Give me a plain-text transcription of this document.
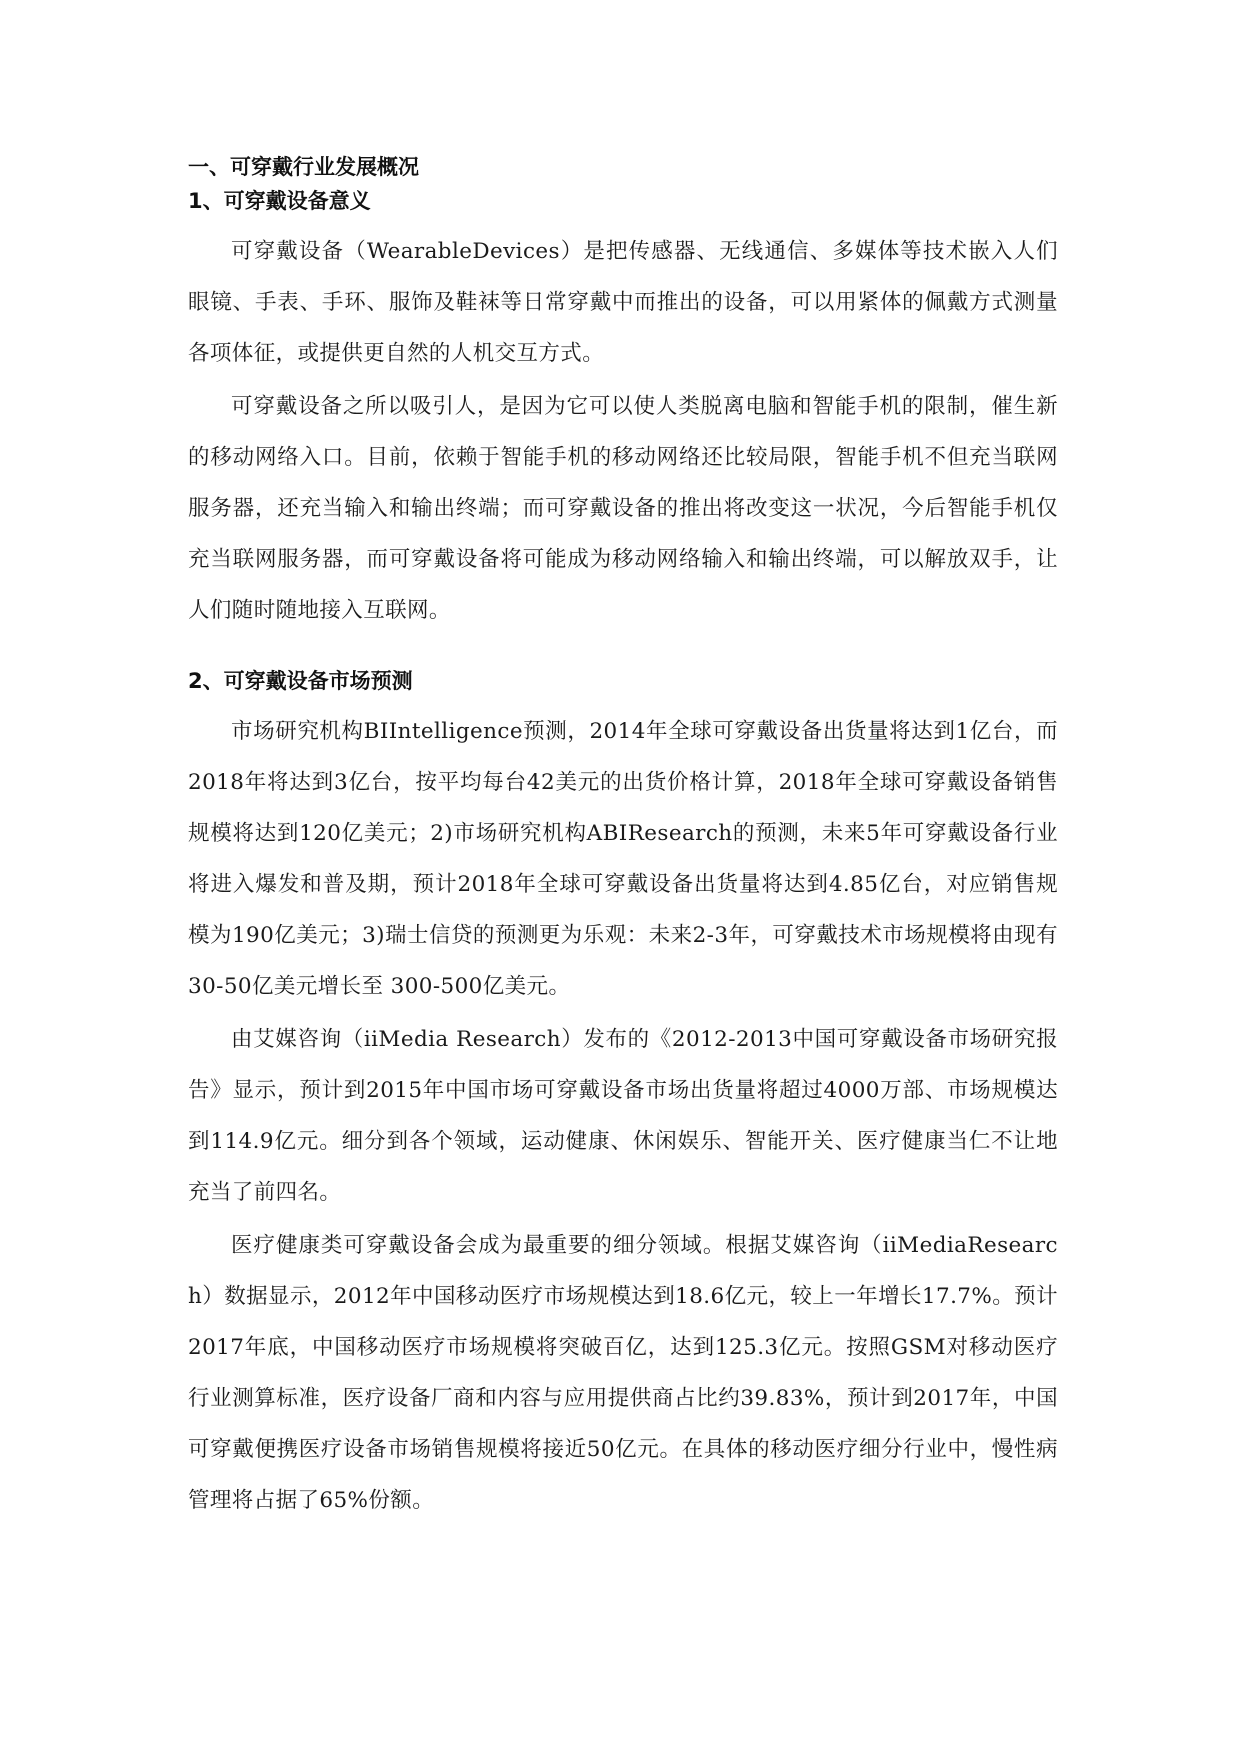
一、可穿戴行业发展概况
1、可穿戴设备意义

可穿戴设备（WearableDevices）是把传感器、无线通信、多媒体等技术嵌入人们眼镜、手表、手环、服饰及鞋袜等日常穿戴中而推出的设备，可以用紧体的佩戴方式测量各项体征，或提供更自然的人机交互方式。

可穿戴设备之所以吸引人，是因为它可以使人类脱离电脑和智能手机的限制，催生新的移动网络入口。目前，依赖于智能手机的移动网络还比较局限，智能手机不但充当联网服务器，还充当输入和输出终端；而可穿戴设备的推出将改变这一状况，今后智能手机仅充当联网服务器，而可穿戴设备将可能成为移动网络输入和输出终端，可以解放双手，让人们随时随地接入互联网。

2、可穿戴设备市场预测

市场研究机构BIIntelligence预测，2014年全球可穿戴设备出货量将达到1亿台，而2018年将达到3亿台，按平均每台42美元的出货价格计算，2018年全球可穿戴设备销售规模将达到120亿美元；2)市场研究机构ABIResearch的预测，未来5年可穿戴设备行业将进入爆发和普及期，预计2018年全球可穿戴设备出货量将达到4.85亿台，对应销售规模为190亿美元；3)瑞士信贷的预测更为乐观：未来2-3年，可穿戴技术市场规模将由现有30-50亿美元增长至 300-500亿美元。

由艾媒咨询（iiMedia Research）发布的《2012-2013中国可穿戴设备市场研究报告》显示，预计到2015年中国市场可穿戴设备市场出货量将超过4000万部、市场规模达到114.9亿元。细分到各个领域，运动健康、休闲娱乐、智能开关、医疗健康当仁不让地充当了前四名。

医疗健康类可穿戴设备会成为最重要的细分领域。根据艾媒咨询（iiMediaResearch）数据显示，2012年中国移动医疗市场规模达到18.6亿元，较上一年增长17.7%。预计2017年底，中国移动医疗市场规模将突破百亿，达到125.3亿元。按照GSM对移动医疗行业测算标准，医疗设备厂商和内容与应用提供商占比约39.83%，预计到2017年，中国可穿戴便携医疗设备市场销售规模将接近50亿元。在具体的移动医疗细分行业中，慢性病管理将占据了65%份额。
